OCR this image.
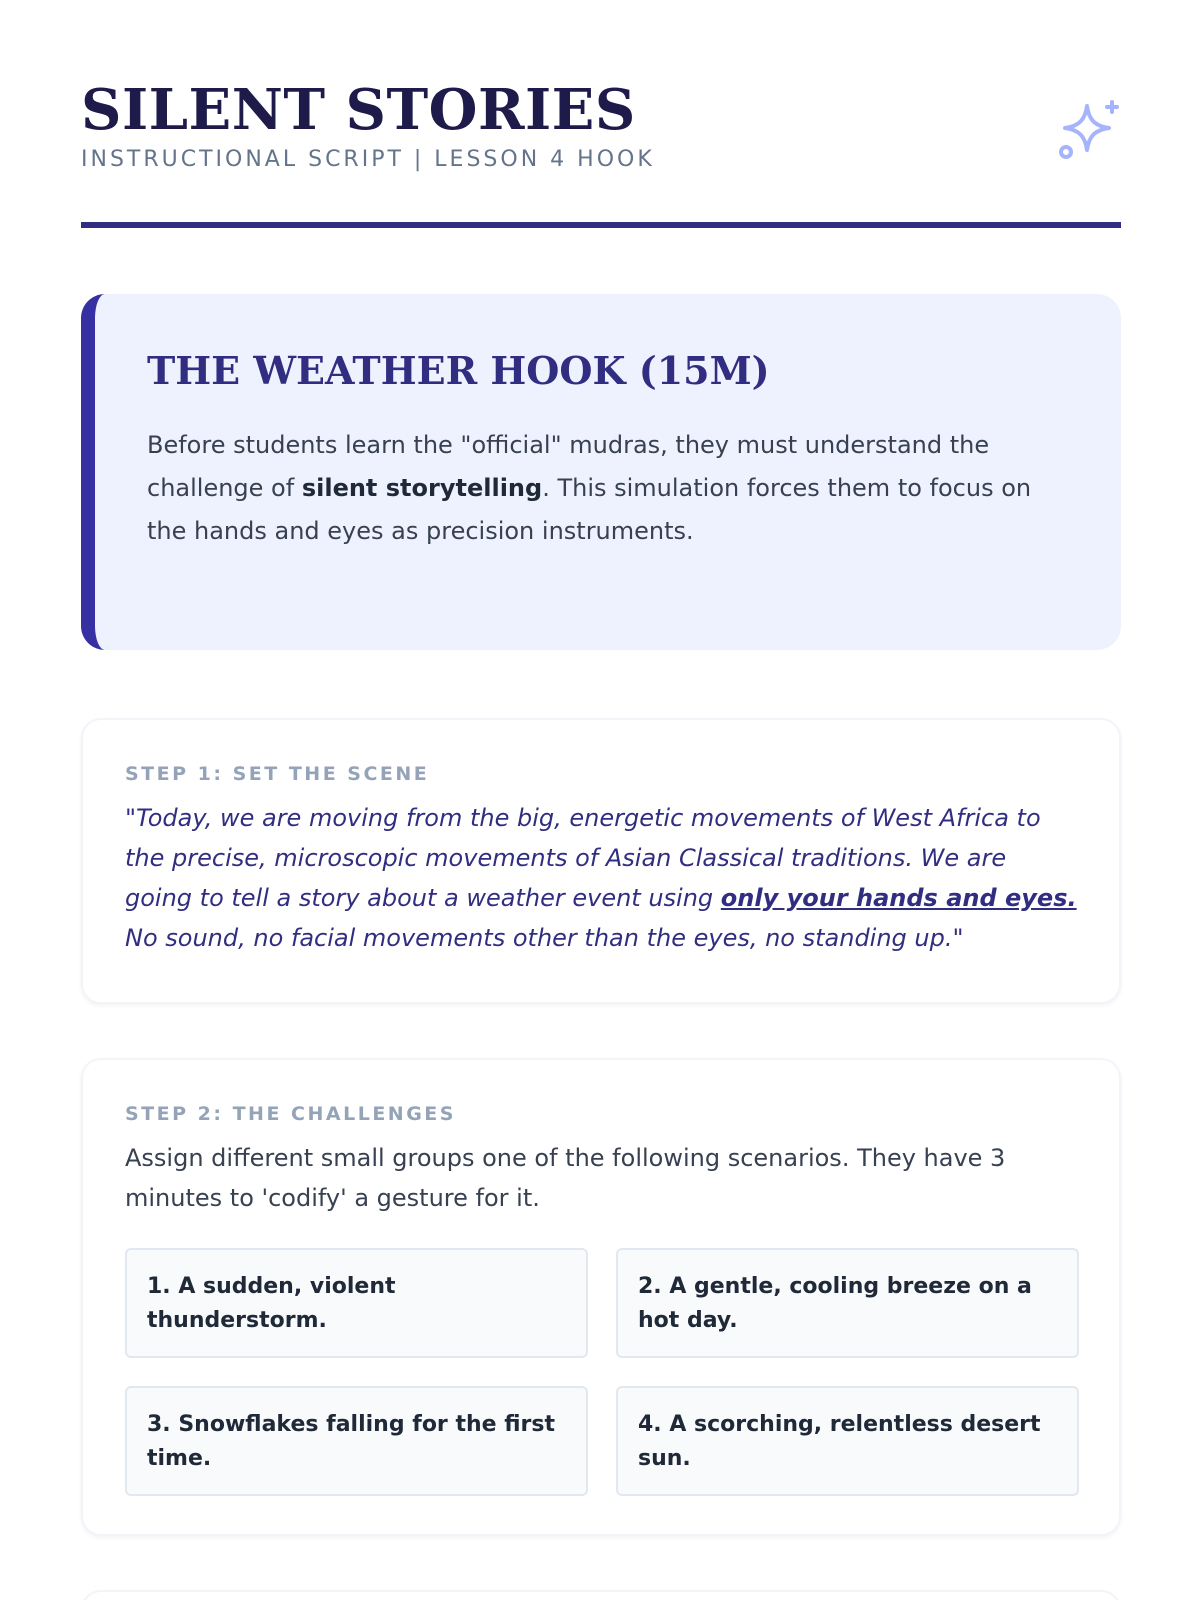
SILENT STORIES
INSTRUCTIONAL SCRIPT | LESSON 4 HOOK
THE WEATHER HOOK (15M)

Before students learn the "official" mudras, they must understand the challenge of silent storytelling. This simulation forces them to focus on the hands and eyes as precision instruments.

STEP 1: SET THE SCENE

"Today, we are moving from the big, energetic movements of West Africa to the precise, microscopic movements of Asian Classical traditions. We are going to tell a story about a weather event using only your hands and eyes. No sound, no facial movements other than the eyes, no standing up."

STEP 2: THE CHALLENGES

Assign different small groups one of the following scenarios. They have 3 minutes to 'codify' a gesture for it.

1. A sudden, violent thunderstorm.
2. A gentle, cooling breeze on a hot day.
3. Snowflakes falling for the first time.
4. A scorching, relentless desert sun.
